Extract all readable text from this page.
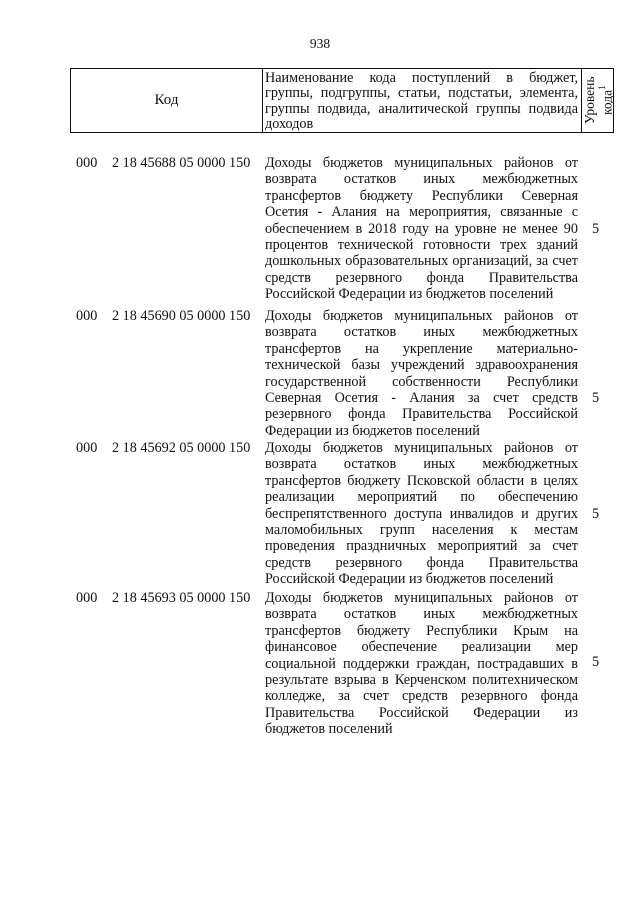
938
Код
Наименование кода поступлений в бюджет, группы, подгруппы, статьи, подстатьи, элемента, группы подвида, аналитической группы подвида доходов	Уровень кода$^1$
000 2 18 45688 05 0000 150 Доходы бюджетов муниципальных районов от возврата остатков иных межбюджетных трансфертов бюджету Республики Северная Осетия - Алания на мероприятия, связанные с обеспечением в 2018 году на уровне не менее 90 процентов технической готовности трех зданий дошкольных образовательных организаций, за счет средств резервного фонда Правительства Российской Федерации из бюджетов поселений
5
000 2 18 45690 05 0000 150 Доходы бюджетов муниципальных районов от возврата остатков иных межбюджетных трансфертов на укрепление материально-технической базы учреждений здравоохранения государственной собственности Республики Северная Осетия - Алания за счет средств резервного фонда Правительства Российской Федерации из бюджетов поселений
5
000 2 18 45692 05 0000 150 Доходы бюджетов муниципальных районов от возврата остатков иных межбюджетных трансфертов бюджету Псковской области в целях реализации мероприятий по обеспечению беспрепятственного доступа инвалидов и других маломобильных групп населения к местам проведения праздничных мероприятий за счет средств резервного фонда Правительства Российской Федерации из бюджетов поселений
5
000 2 18 45693 05 0000 150 Доходы бюджетов муниципальных районов от возврата остатков иных межбюджетных трансфертов бюджету Республики Крым на финансовое обеспечение реализации мер социальной поддержки граждан, пострадавших в результате взрыва в Керченском политехническом колледже, за счет средств резервного фонда Правительства Российской Федерации из бюджетов поселений
5
